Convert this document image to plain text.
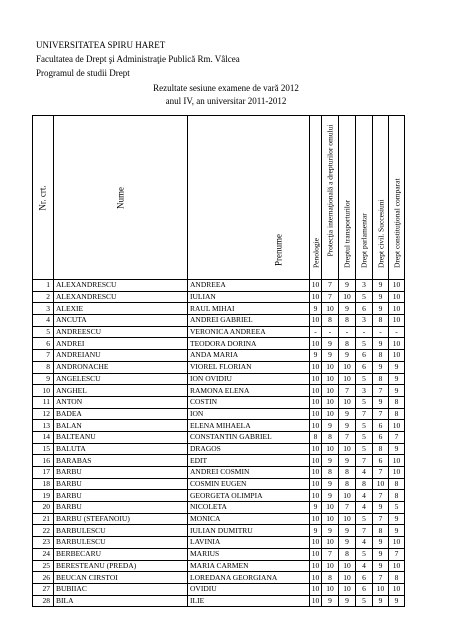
UNIVERSITATEA SPIRU HARET
Facultatea de Drept şi Administraţie Publică Rm. Vâlcea
Programul de studii Drept
Rezultate sesiune examene de vară 2012
anul IV, an universitar 2011-2012
Nr. crt.	Nume	Prenume	Penologie	Protecţia internaţională a drepturilor omului	Dreptul transporturilor	Drept parlamentar	Drept civil. Succesiuni	Drept constituţional comparat

1	ALEXANDRESCU	ANDREEA	10	7	9	3	9	10
2	ALEXANDRESCU	IULIAN	10	7	10	5	9	10
3	ALEXIE	RAUL MIHAI	9	10	9	6	9	10
4	ANCUTA	ANDREI GABRIEL	10	8	8	3	8	10
5	ANDREESCU	VERONICA ANDREEA	-	-	-	-	-	-
6	ANDREI	TEODORA DORINA	10	9	8	5	9	10
7	ANDREIANU	ANDA MARIA	9	9	9	6	8	10
8	ANDRONACHE	VIOREL FLORIAN	10	10	10	6	9	9
9	ANGELESCU	ION OVIDIU	10	10	10	5	8	9
10	ANGHEL	RAMONA ELENA	10	10	7	3	7	9
11	ANTON	COSTIN	10	10	10	5	9	8
12	BADEA	ION	10	10	9	7	7	8
13	BALAN	ELENA MIHAELA	10	9	9	5	6	10
14	BALTEANU	CONSTANTIN GABRIEL	8	8	7	5	6	7
15	BALUTA	DRAGOS	10	10	10	5	8	9
16	BARABAS	EDIT	10	9	9	7	6	10
17	BARBU	ANDREI COSMIN	10	8	8	4	7	10
18	BARBU	COSMIN EUGEN	10	9	8	8	10	8
19	BARBU	GEORGETA OLIMPIA	10	9	10	4	7	8
20	BARBU	NICOLETA	9	10	7	4	9	5
21	BARBU (STEFANOIU)	MONICA	10	10	10	5	7	9
22	BARBULESCU	IULIAN DUMITRU	9	9	9	7	8	9
23	BARBULESCU	LAVINIA	10	10	9	4	9	10
24	BERBECARU	MARIUS	10	7	8	5	9	7
25	BERESTEANU (PREDA)	MARIA CARMEN	10	10	10	4	9	10
26	BEUCAN CIRSTOI	LOREDANA GEORGIANA	10	8	10	6	7	8
27	BUBIIAC	OVIDIU	10	10	10	6	10	10
28	BILA	ILIE	10	9	9	5	9	9
